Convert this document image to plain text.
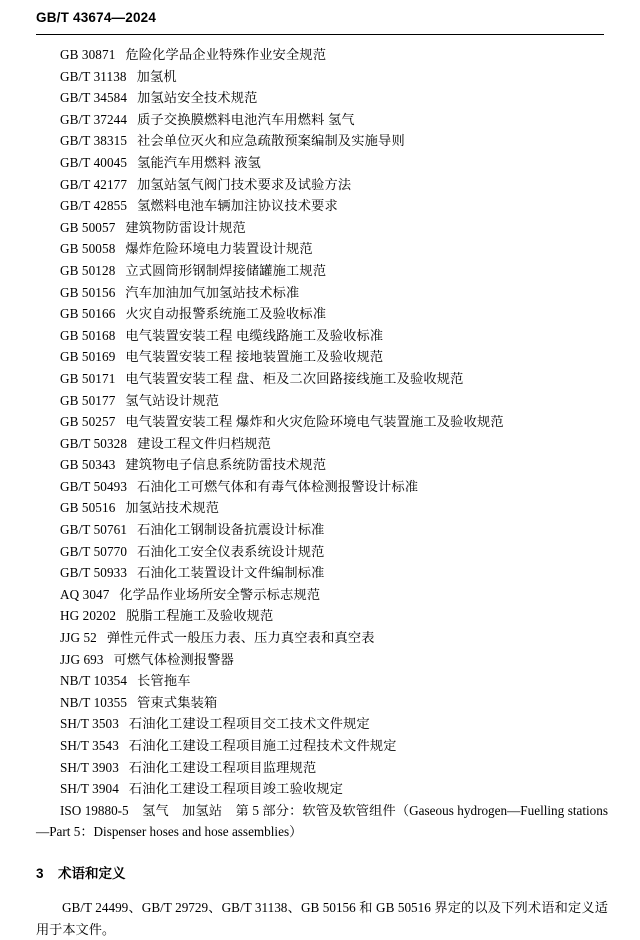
GB/T 43674—2024
GB 30871 危险化学品企业特殊作业安全规范
GB/T 31138 加氢机
GB/T 34584 加氢站安全技术规范
GB/T 37244 质子交换膜燃料电池汽车用燃料 氢气
GB/T 38315 社会单位灭火和应急疏散预案编制及实施导则
GB/T 40045 氢能汽车用燃料 液氢
GB/T 42177 加氢站氢气阀门技术要求及试验方法
GB/T 42855 氢燃料电池车辆加注协议技术要求
GB 50057 建筑物防雷设计规范
GB 50058 爆炸危险环境电力装置设计规范
GB 50128 立式圆筒形钢制焊接储罐施工规范
GB 50156 汽车加油加气加氢站技术标准
GB 50166 火灾自动报警系统施工及验收标准
GB 50168 电气装置安装工程 电缆线路施工及验收标准
GB 50169 电气装置安装工程 接地装置施工及验收规范
GB 50171 电气装置安装工程 盘、柜及二次回路接线施工及验收规范
GB 50177 氢气站设计规范
GB 50257 电气装置安装工程 爆炸和火灾危险环境电气装置施工及验收规范
GB/T 50328 建设工程文件归档规范
GB 50343 建筑物电子信息系统防雷技术规范
GB/T 50493 石油化工可燃气体和有毒气体检测报警设计标准
GB 50516 加氢站技术规范
GB/T 50761 石油化工钢制设备抗震设计标准
GB/T 50770 石油化工安全仪表系统设计规范
GB/T 50933 石油化工装置设计文件编制标准
AQ 3047 化学品作业场所安全警示标志规范
HG 20202 脱脂工程施工及验收规范
JJG 52 弹性元件式一般压力表、压力真空表和真空表
JJG 693 可燃气体检测报警器
NB/T 10354 长管拖车
NB/T 10355 管束式集装箱
SH/T 3503 石油化工建设工程项目交工技术文件规定
SH/T 3543 石油化工建设工程项目施工过程技术文件规定
SH/T 3903 石油化工建设工程项目监理规范
SH/T 3904 石油化工建设工程项目竣工验收规定
ISO 19880-5　氢气　加氢站　第 5 部分：软管及软管组件（Gaseous hydrogen—Fuelling stations—Part 5：Dispenser hoses and hose assemblies）
3 术语和定义
GB/T 24499、GB/T 29729、GB/T 31138、GB 50156 和 GB 50516 界定的以及下列术语和定义适用于本文件。
